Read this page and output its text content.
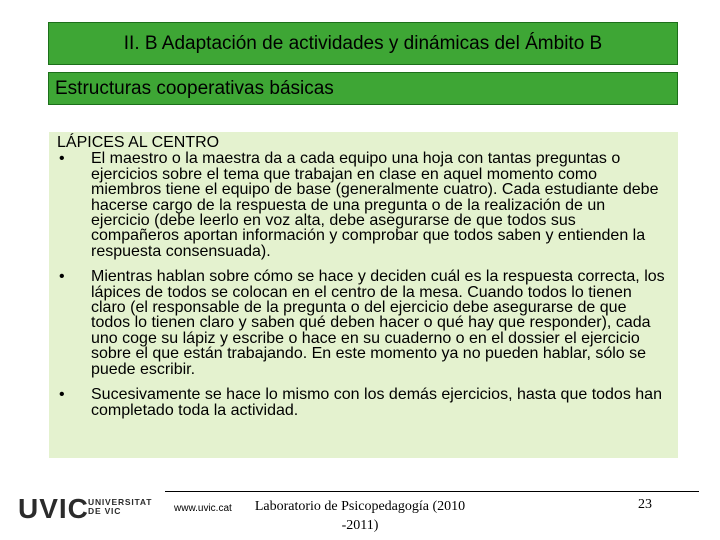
II. B Adaptación de actividades y dinámicas del Ámbito B
Estructuras cooperativas básicas
LÁPICES AL CENTRO
•	El maestro o la maestra da a cada equipo una hoja con tantas preguntas o ejercicios sobre el tema que trabajan en clase en aquel momento como miembros tiene el equipo de base (generalmente cuatro). Cada estudiante debe hacerse cargo de la respuesta de una pregunta o de la realización de un ejercicio (debe leerlo en voz alta, debe asegurarse de que todos sus compañeros aportan información y comprobar que todos saben y entienden la respuesta consensuada).
•	Mientras hablan sobre cómo se hace y deciden cuál es la respuesta correcta, los lápices de todos se colocan en el centro de la mesa. Cuando todos lo tienen claro (el responsable de la pregunta o del ejercicio debe asegurarse de que todos lo tienen claro y saben qué deben hacer o qué hay que responder), cada uno coge su lápiz y escribe o hace en su cuaderno o en el dossier el ejercicio sobre el que están trabajando. En este momento ya no pueden hablar, sólo se puede escribir.
•	Sucesivamente se hace lo mismo con los demás ejercicios, hasta que todos han completado toda la actividad.
UVIC UNIVERSITAT
DE VIC	www.uvic.cat	Laboratorio de Psicopedagogía (2010
-2011)
23
